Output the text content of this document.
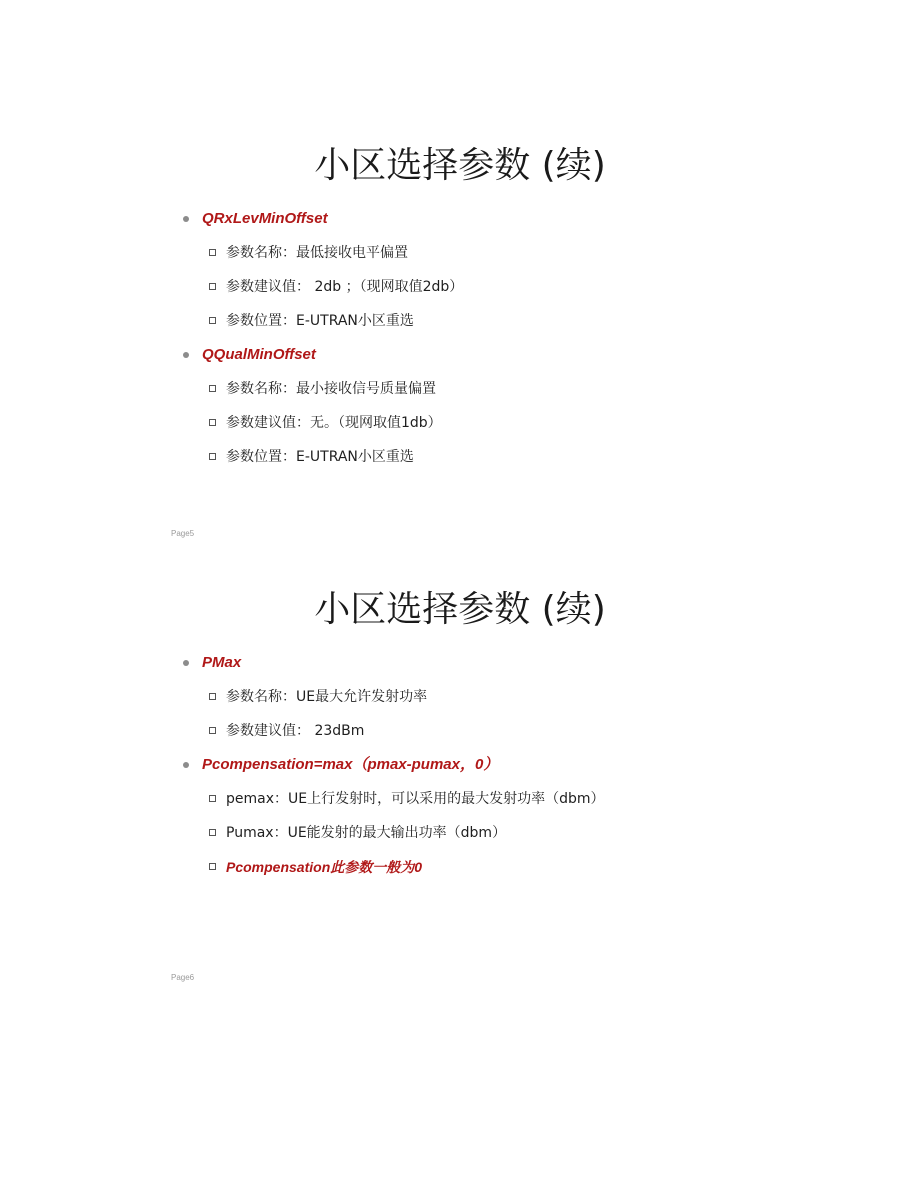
小区选择参数 (续)
QRxLevMinOffset
参数名称：最低接收电平偏置
参数建议值： 2db ；（现网取值2db）
参数位置：E-UTRAN小区重选
QQualMinOffset
参数名称：最小接收信号质量偏置
参数建议值：无。（现网取值1db）
参数位置：E-UTRAN小区重选
Page5
小区选择参数 (续)
PMax
参数名称：UE最大允许发射功率
参数建议值： 23dBm
Pcompensation=max（pmax-pumax，0）
pemax：UE上行发射时，可以采用的最大发射功率（dbm）
Pumax：UE能发射的最大输出功率（dbm）
Pcompensation此参数一般为0
Page6
